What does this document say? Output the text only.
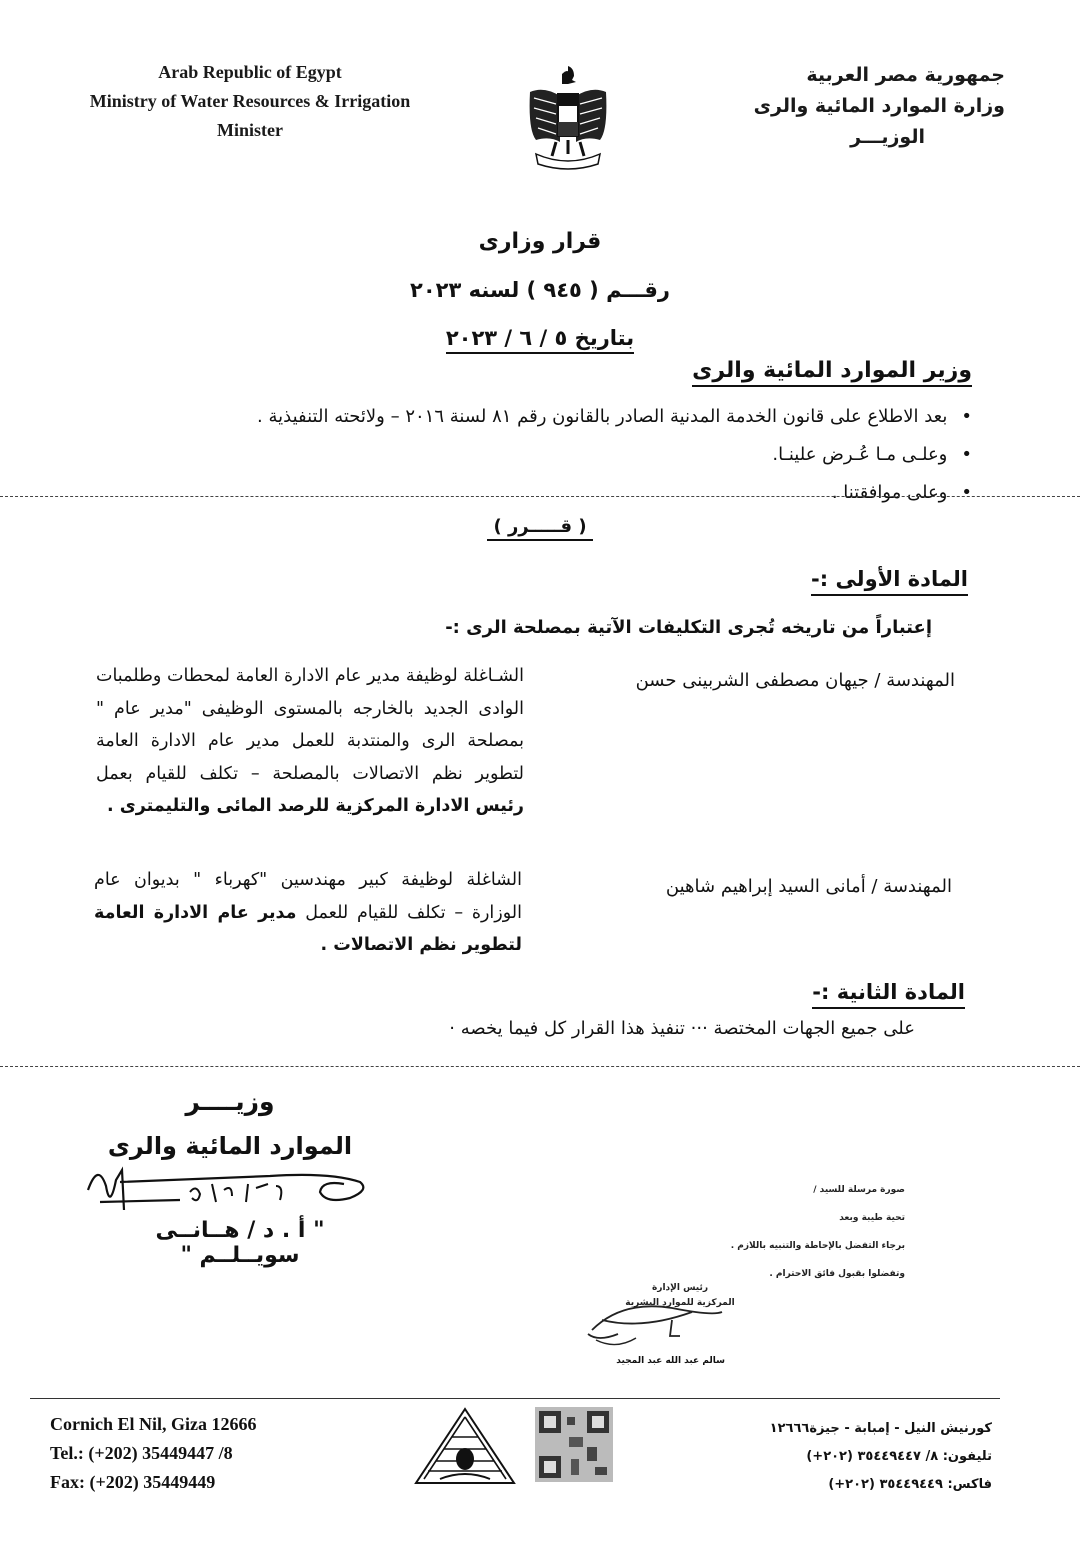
Arab Republic of Egypt
Ministry of Water Resources & Irrigation
Minister
جمهورية مصر العربية
وزارة الموارد المائية والرى
الوزيـــر
قرار وزارى
رقـــم ( ٩٤٥ ) لسنه ٢٠٢٣
بتاريخ ٥ / ٦ / ٢٠٢٣
وزير الموارد المائية والرى
• بعد الاطلاع على قانون الخدمة المدنية الصادر بالقانون رقم ٨١ لسنة ٢٠١٦ – ولائحته التنفيذية .
• وعلـى مـا عُـرض علينـا.
• وعلى موافقتنا .
( قـــــرر )
المادة الأولى :-
إعتباراً من تاريخه تُجرى التكليفات الآتية بمصلحة الرى :-
المهندسة / جيهان مصطفى الشربينى حسن
الشـاغلة لوظيفة مدير عام الادارة العامة لمحطات وطلمبات الوادى الجديد بالخارجه بالمستوى الوظيفى "مدير عام " بمصلحة الرى والمنتدبة للعمل مدير عام الادارة العامة لتطوير نظم الاتصالات بالمصلحة – تكلف للقيام بعمل رئيس الادارة المركزية للرصد المائى والتليمترى .
المهندسة / أمانى السيد إبراهيم شاهين
الشاغلة لوظيفة كبير مهندسين "كهرباء " بديوان عام الوزارة – تكلف للقيام للعمل مدير عام الادارة العامة لتطوير نظم الاتصالات .
المادة الثانية :-
على جميع الجهات المختصة ··· تنفيذ هذا القرار كل فيما يخصه ·
وزيــــر
الموارد المائية والرى
" أ . د / هــانــى سويــلــم "
صورة مرسلة للسيد /
تحية طيبة وبعد
برجاء التفضل بالإحاطة والتنبيه باللازم .
وتفضلوا بقبول فائق الاحترام .
رئيس الإدارة
المركزية للموارد البشرية
سالم عبد الله عبد المجيد
Cornich El Nil, Giza 12666
Tel.: (+202) 35449447 /8
Fax: (+202) 35449449
كورنيش النيل - إمبابة - جيزة١٢٦٦٦
تليفون: ٨/ ٣٥٤٤٩٤٤٧ (٢٠٢+)
فاكس: ٣٥٤٤٩٤٤٩ (٢٠٢+)
